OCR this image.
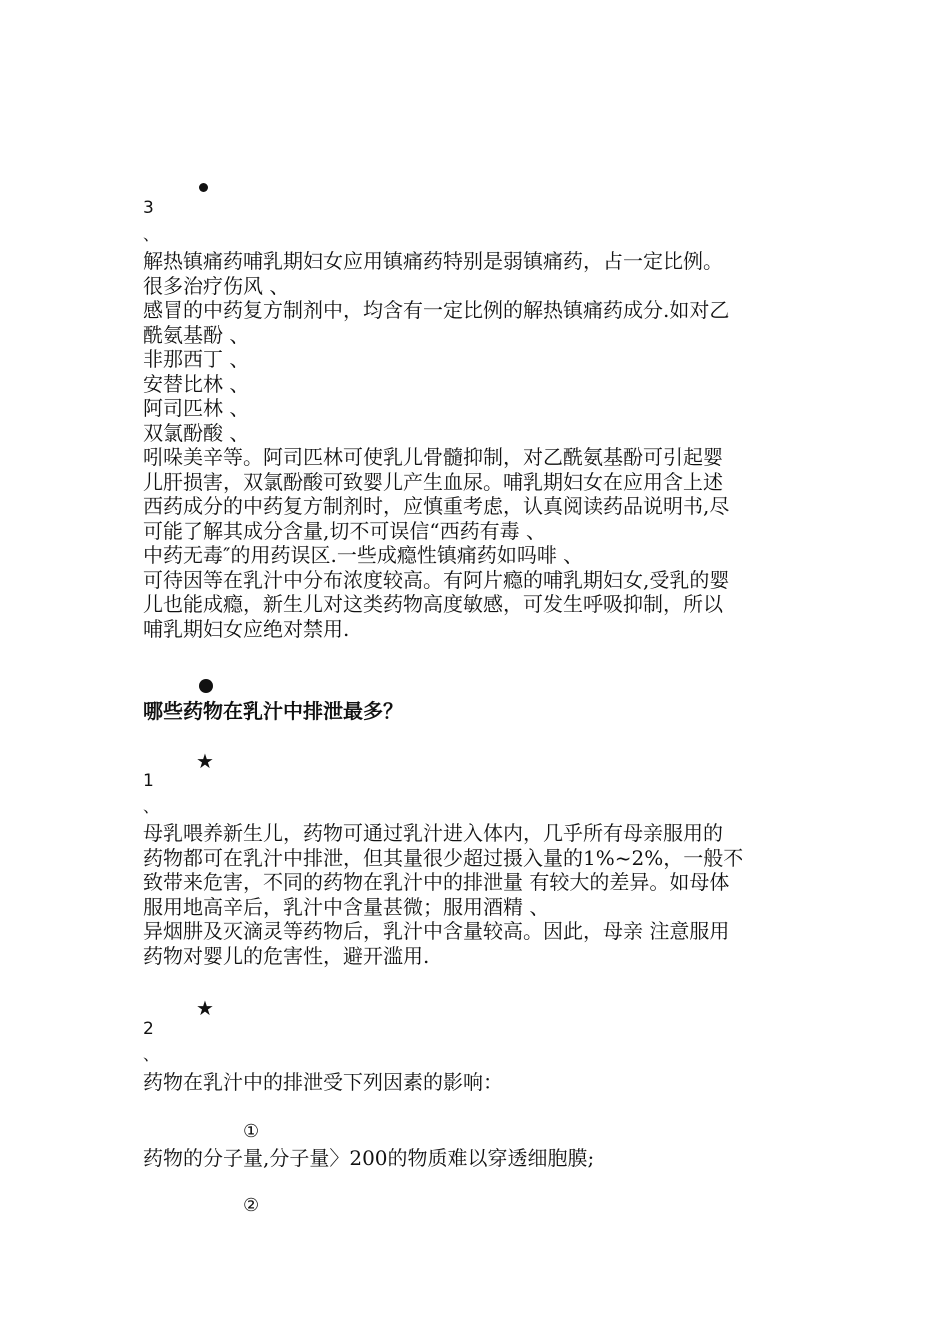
3
、
解热镇痛药哺乳期妇女应用镇痛药特别是弱镇痛药，占一定比例。
很多治疗伤风 、
感冒的中药复方制剂中，均含有一定比例的解热镇痛药成分.如对乙
酰氨基酚 、
非那西丁 、
安替比林 、
阿司匹林 、
双氯酚酸 、
吲哚美辛等。阿司匹林可使乳儿骨髓抑制，对乙酰氨基酚可引起婴
儿肝损害，双氯酚酸可致婴儿产生血尿。哺乳期妇女在应用含上述
西药成分的中药复方制剂时，应慎重考虑，认真阅读药品说明书,尽
可能了解其成分含量,切不可误信“西药有毒 、
中药无毒″的用药误区.一些成瘾性镇痛药如吗啡 、
可待因等在乳汁中分布浓度较高。有阿片瘾的哺乳期妇女,受乳的婴
儿也能成瘾，新生儿对这类药物高度敏感，可发生呼吸抑制，所以
哺乳期妇女应绝对禁用.
哪些药物在乳汁中排泄最多？
★
1
、
母乳喂养新生儿，药物可通过乳汁进入体内，几乎所有母亲服用的
药物都可在乳汁中排泄，但其量很少超过摄入量的1%~2%，一般不
致带来危害，不同的药物在乳汁中的排泄量 有较大的差异。如母体
服用地高辛后，乳汁中含量甚微；服用酒精 、
异烟肼及灭滴灵等药物后，乳汁中含量较高。因此，母亲 注意服用
药物对婴儿的危害性，避开滥用.
★
2
、
药物在乳汁中的排泄受下列因素的影响：
①
药物的分子量,分子量〉200的物质难以穿透细胞膜;
②
